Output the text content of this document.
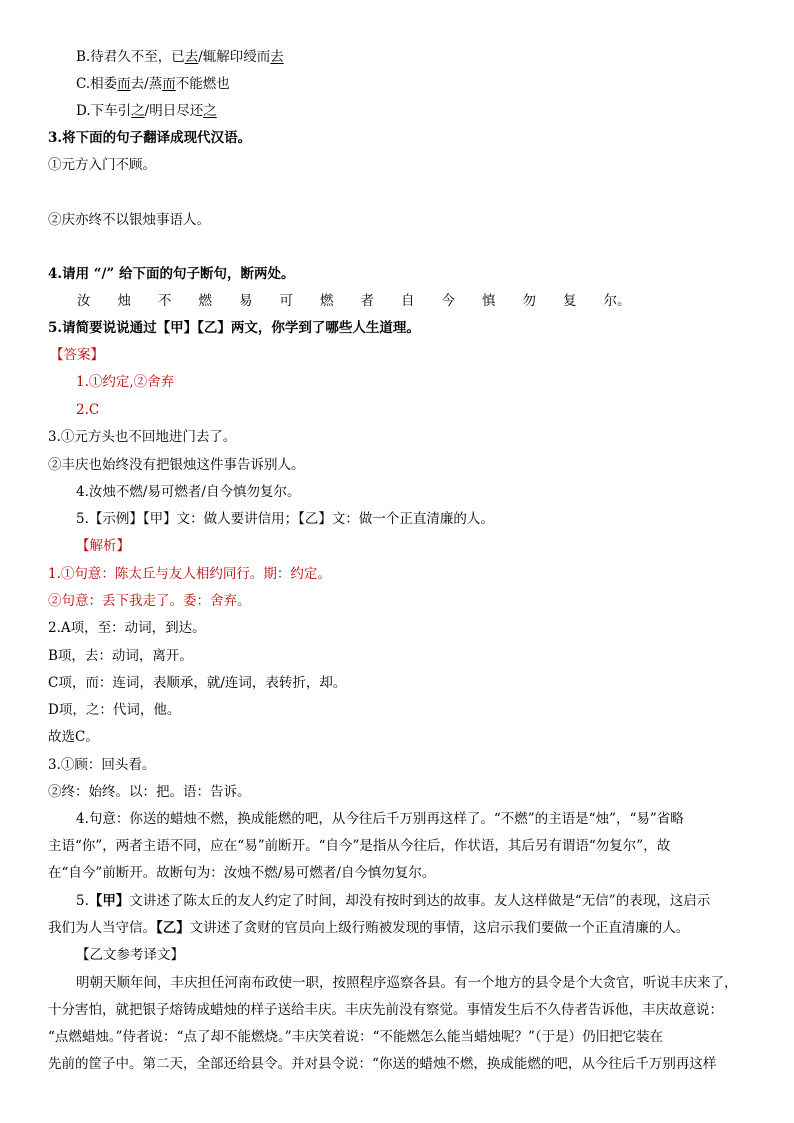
B.待君久不至，已去/辄解印绶而去
C.相委而去/蒸而不能燃也
D.下车引之/明日尽还之
3.将下面的句子翻译成现代汉语。
①元方入门不顾。
②庆亦终不以银烛事语人。
4.请用 “/” 给下面的句子断句，断两处。
汝 烛 不 燃 易 可 燃 者 自 今 慎 勿 复 尔。
5.请简要说说通过【甲】【乙】两文，你学到了哪些人生道理。
【答案】
1.①约定,②舍弃
2.C
3.①元方头也不回地进门去了。
②丰庆也始终没有把银烛这件事告诉别人。
4.汝烛不燃/易可燃者/自今慎勿复尔。
5.【示例】【甲】文：做人要讲信用；【乙】文：做一个正直清廉的人。
【解析】
1.①句意：陈太丘与友人相约同行。期：约定。
②句意：丢下我走了。委：舍弃。
2.A项，至：动词，到达。
B项，去：动词，离开。
C项，而：连词，表顺承，就/连词，表转折，却。
D项，之：代词，他。
故选C。
3.①顾：回头看。
②终：始终。以：把。语：告诉。
4.句意：你送的蜡烛不燃，换成能燃的吧，从今往后千万别再这样了。“不燃”的主语是“烛”，“易”省略
主语“你”，两者主语不同，应在“易”前断开。“自今”是指从今往后，作状语，其后另有谓语“勿复尔”，故
在“自今”前断开。故断句为：汝烛不燃/易可燃者/自今慎勿复尔。
5.【甲】文讲述了陈太丘的友人约定了时间，却没有按时到达的故事。友人这样做是“无信”的表现，这启示
我们为人当守信。【乙】文讲述了贪财的官员向上级行贿被发现的事情，这启示我们要做一个正直清廉的人。
【乙文参考译文】
明朝天顺年间，丰庆担任河南布政使一职，按照程序巡察各县。有一个地方的县令是个大贪官，听说丰庆来了，
十分害怕，就把银子熔铸成蜡烛的样子送给丰庆。丰庆先前没有察觉。事情发生后不久侍者告诉他，丰庆故意说：
“点燃蜡烛。”侍者说：“点了却不能燃烧。”丰庆笑着说：“不能燃怎么能当蜡烛呢？”（于是）仍旧把它装在
先前的筐子中。第二天，全部还给县令。并对县令说：“你送的蜡烛不燃，换成能燃的吧，从今往后千万别再这样
